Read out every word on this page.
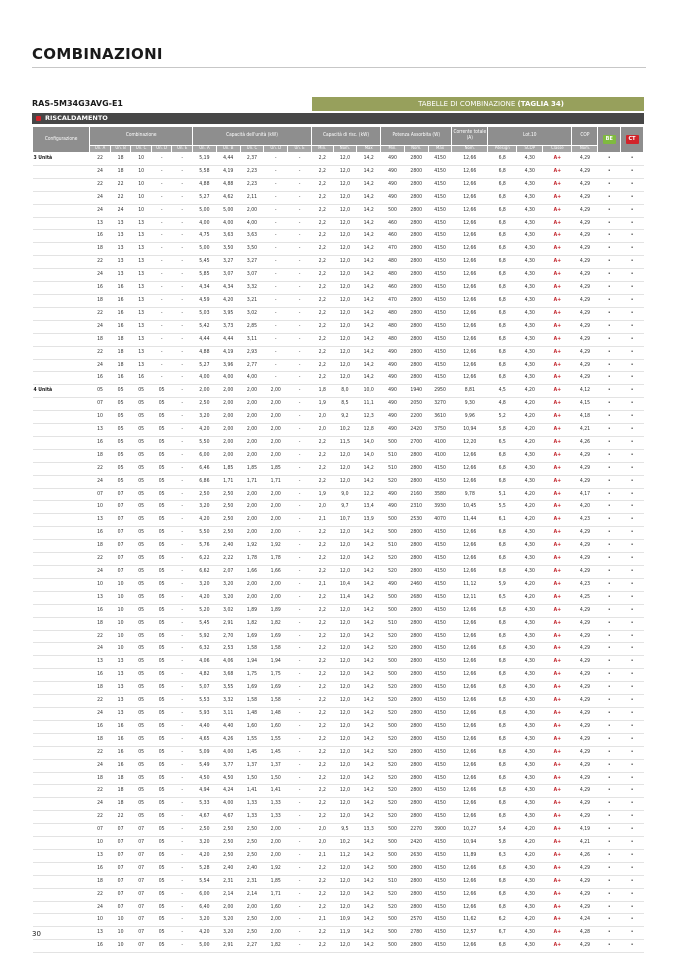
COMBINAZIONI
RAS-5M34G3AVG-E1	TABELLE DI COMBINAZIONE (TAGLIA 34)
RISCALDAMENTO
Configurazione	Combinazione					Capacità dell'unità (kW)					Capacità di risc. (kW)			Potenza Assorbita (W)			Corrente totale (A)	Lot.10			COP	BE	CT
	Un. A	Un. B	Un. C	Un. D	Un. E	Un. A	Un. B	Un. C	Un. D	Un. E	Min.	Nom.	Max	Min.	Nom.	Max	Nom.	Pdesign	SCOP	Classe	Nom.		
3 Unità	22	18	10	-	-	5,19	4,44	2,37	-	-	2,2	12,0	14,2	490	2800	4150	12,66	6,8	4,30	A+	4,29	•	•
	24	18	10	-	-	5,58	4,19	2,23	-	-	2,2	12,0	14,2	490	2800	4150	12,66	6,8	4,30	A+	4,29	•	•
	22	22	10	-	-	4,88	4,88	2,23	-	-	2,2	12,0	14,2	490	2800	4150	12,66	6,8	4,30	A+	4,29	•	•
	24	22	10	-	-	5,27	4,62	2,11	-	-	2,2	12,0	14,2	490	2800	4150	12,66	6,8	4,30	A+	4,29	•	•
	24	24	10	-	-	5,00	5,00	2,00	-	-	2,2	12,0	14,2	500	2800	4150	12,66	6,8	4,30	A+	4,29	•	•
	13	13	13	-	-	4,00	4,00	4,00	-	-	2,2	12,0	14,2	460	2800	4150	12,66	6,8	4,30	A+	4,29	•	•
	16	13	13	-	-	4,75	3,63	3,63	-	-	2,2	12,0	14,2	460	2800	4150	12,66	6,8	4,30	A+	4,29	•	•
	18	13	13	-	-	5,00	3,50	3,50	-	-	2,2	12,0	14,2	470	2800	4150	12,66	6,8	4,30	A+	4,29	•	•
	22	13	13	-	-	5,45	3,27	3,27	-	-	2,2	12,0	14,2	480	2800	4150	12,66	6,8	4,30	A+	4,29	•	•
	24	13	13	-	-	5,85	3,07	3,07	-	-	2,2	12,0	14,2	480	2800	4150	12,66	6,8	4,30	A+	4,29	•	•
	16	16	13	-	-	4,34	4,34	3,32	-	-	2,2	12,0	14,2	460	2800	4150	12,66	6,8	4,30	A+	4,29	•	•
	18	16	13	-	-	4,59	4,20	3,21	-	-	2,2	12,0	14,2	470	2800	4150	12,66	6,8	4,30	A+	4,29	•	•
	22	16	13	-	-	5,03	3,95	3,02	-	-	2,2	12,0	14,2	480	2800	4150	12,66	6,8	4,30	A+	4,29	•	•
	24	16	13	-	-	5,42	3,73	2,85	-	-	2,2	12,0	14,2	480	2800	4150	12,66	6,8	4,30	A+	4,29	•	•
	18	18	13	-	-	4,44	4,44	3,11	-	-	2,2	12,0	14,2	480	2800	4150	12,66	6,8	4,30	A+	4,29	•	•
	22	18	13	-	-	4,88	4,19	2,93	-	-	2,2	12,0	14,2	490	2800	4150	12,66	6,8	4,30	A+	4,29	•	•
	24	18	13	-	-	5,27	3,96	2,77	-	-	2,2	12,0	14,2	490	2800	4150	12,66	6,8	4,30	A+	4,29	•	•
	16	16	16	-	-	4,00	4,00	4,00	-	-	2,2	12,0	14,2	490	2800	4150	12,66	6,8	4,30	A+	4,29	•	•
4 Unità	05	05	05	05	-	2,00	2,00	2,00	2,00	-	1,8	8,0	10,0	490	1940	2950	8,81	4,5	4,20	A+	4,12	•	•
	07	05	05	05	-	2,50	2,00	2,00	2,00	-	1,9	8,5	11,1	490	2050	3270	9,30	4,8	4,20	A+	4,15	•	•
	10	05	05	05	-	3,20	2,00	2,00	2,00	-	2,0	9,2	12,3	490	2200	3610	9,96	5,2	4,20	A+	4,18	•	•
	13	05	05	05	-	4,20	2,00	2,00	2,00	-	2,0	10,2	12,8	490	2420	3750	10,94	5,8	4,20	A+	4,21	•	•
	16	05	05	05	-	5,50	2,00	2,00	2,00	-	2,2	11,5	14,0	500	2700	4100	12,20	6,5	4,20	A+	4,26	•	•
	18	05	05	05	-	6,00	2,00	2,00	2,00	-	2,2	12,0	14,0	510	2800	4100	12,66	6,8	4,30	A+	4,29	•	•
	22	05	05	05	-	6,46	1,85	1,85	1,85	-	2,2	12,0	14,2	510	2800	4150	12,66	6,8	4,30	A+	4,29	•	•
	24	05	05	05	-	6,86	1,71	1,71	1,71	-	2,2	12,0	14,2	520	2800	4150	12,66	6,8	4,30	A+	4,29	•	•
	07	07	05	05	-	2,50	2,50	2,00	2,00	-	1,9	9,0	12,2	490	2160	3580	9,78	5,1	4,20	A+	4,17	•	•
	10	07	05	05	-	3,20	2,50	2,00	2,00	-	2,0	9,7	13,4	490	2310	3930	10,45	5,5	4,20	A+	4,20	•	•
	13	07	05	05	-	4,20	2,50	2,00	2,00	-	2,1	10,7	13,9	500	2530	4070	11,44	6,1	4,20	A+	4,23	•	•
	16	07	05	05	-	5,50	2,50	2,00	2,00	-	2,2	12,0	14,2	500	2800	4150	12,66	6,8	4,30	A+	4,29	•	•
	18	07	05	05	-	5,76	2,40	1,92	1,92	-	2,2	12,0	14,2	510	2800	4150	12,66	6,8	4,30	A+	4,29	•	•
	22	07	05	05	-	6,22	2,22	1,78	1,78	-	2,2	12,0	14,2	520	2800	4150	12,66	6,8	4,30	A+	4,29	•	•
	24	07	05	05	-	6,62	2,07	1,66	1,66	-	2,2	12,0	14,2	520	2800	4150	12,66	6,8	4,30	A+	4,29	•	•
	10	10	05	05	-	3,20	3,20	2,00	2,00	-	2,1	10,4	14,2	490	2460	4150	11,12	5,9	4,20	A+	4,23	•	•
	13	10	05	05	-	4,20	3,20	2,00	2,00	-	2,2	11,4	14,2	500	2680	4150	12,11	6,5	4,20	A+	4,25	•	•
	16	10	05	05	-	5,20	3,02	1,89	1,89	-	2,2	12,0	14,2	500	2800	4150	12,66	6,8	4,30	A+	4,29	•	•
	18	10	05	05	-	5,45	2,91	1,82	1,82	-	2,2	12,0	14,2	510	2800	4150	12,66	6,8	4,30	A+	4,29	•	•
	22	10	05	05	-	5,92	2,70	1,69	1,69	-	2,2	12,0	14,2	520	2800	4150	12,66	6,8	4,30	A+	4,29	•	•
	24	10	05	05	-	6,32	2,53	1,58	1,58	-	2,2	12,0	14,2	520	2800	4150	12,66	6,8	4,30	A+	4,29	•	•
	13	13	05	05	-	4,06	4,06	1,94	1,94	-	2,2	12,0	14,2	500	2800	4150	12,66	6,8	4,30	A+	4,29	•	•
	16	13	05	05	-	4,82	3,68	1,75	1,75	-	2,2	12,0	14,2	500	2800	4150	12,66	6,8	4,30	A+	4,29	•	•
	18	13	05	05	-	5,07	3,55	1,69	1,69	-	2,2	12,0	14,2	520	2800	4150	12,66	6,8	4,30	A+	4,29	•	•
	22	13	05	05	-	5,53	3,32	1,58	1,58	-	2,2	12,0	14,2	520	2800	4150	12,66	6,8	4,30	A+	4,29	•	•
	24	13	05	05	-	5,93	3,11	1,48	1,48	-	2,2	12,0	14,2	520	2800	4150	12,66	6,8	4,30	A+	4,29	•	•
	16	16	05	05	-	4,40	4,40	1,60	1,60	-	2,2	12,0	14,2	500	2800	4150	12,66	6,8	4,30	A+	4,29	•	•
	18	16	05	05	-	4,65	4,26	1,55	1,55	-	2,2	12,0	14,2	520	2800	4150	12,66	6,8	4,30	A+	4,29	•	•
	22	16	05	05	-	5,09	4,00	1,45	1,45	-	2,2	12,0	14,2	520	2800	4150	12,66	6,8	4,30	A+	4,29	•	•
	24	16	05	05	-	5,49	3,77	1,37	1,37	-	2,2	12,0	14,2	520	2800	4150	12,66	6,8	4,30	A+	4,29	•	•
	18	18	05	05	-	4,50	4,50	1,50	1,50	-	2,2	12,0	14,2	520	2800	4150	12,66	6,8	4,30	A+	4,29	•	•
	22	18	05	05	-	4,94	4,24	1,41	1,41	-	2,2	12,0	14,2	520	2800	4150	12,66	6,8	4,30	A+	4,29	•	•
	24	18	05	05	-	5,33	4,00	1,33	1,33	-	2,2	12,0	14,2	520	2800	4150	12,66	6,8	4,30	A+	4,29	•	•
	22	22	05	05	-	4,67	4,67	1,33	1,33	-	2,2	12,0	14,2	520	2800	4150	12,66	6,8	4,30	A+	4,29	•	•
	07	07	07	05	-	2,50	2,50	2,50	2,00	-	2,0	9,5	13,3	500	2270	3900	10,27	5,4	4,20	A+	4,19	•	•
	10	07	07	05	-	3,20	2,50	2,50	2,00	-	2,0	10,2	14,2	500	2420	4150	10,94	5,8	4,20	A+	4,21	•	•
	13	07	07	05	-	4,20	2,50	2,50	2,00	-	2,1	11,2	14,2	500	2630	4150	11,89	6,3	4,20	A+	4,26	•	•
	16	07	07	05	-	5,28	2,40	2,40	1,92	-	2,2	12,0	14,2	500	2800	4150	12,66	6,8	4,30	A+	4,29	•	•
	18	07	07	05	-	5,54	2,31	2,31	1,85	-	2,2	12,0	14,2	510	2800	4150	12,66	6,8	4,30	A+	4,29	•	•
	22	07	07	05	-	6,00	2,14	2,14	1,71	-	2,2	12,0	14,2	520	2800	4150	12,66	6,8	4,30	A+	4,29	•	•
	24	07	07	05	-	6,40	2,00	2,00	1,60	-	2,2	12,0	14,2	520	2800	4150	12,66	6,8	4,30	A+	4,29	•	•
	10	10	07	05	-	3,20	3,20	2,50	2,00	-	2,1	10,9	14,2	500	2570	4150	11,62	6,2	4,20	A+	4,24	•	•
	13	10	07	05	-	4,20	3,20	2,50	2,00	-	2,2	11,9	14,2	500	2780	4150	12,57	6,7	4,30	A+	4,28	•	•
	16	10	07	05	-	5,00	2,91	2,27	1,82	-	2,2	12,0	14,2	500	2800	4150	12,66	6,8	4,30	A+	4,29	•	•
30
